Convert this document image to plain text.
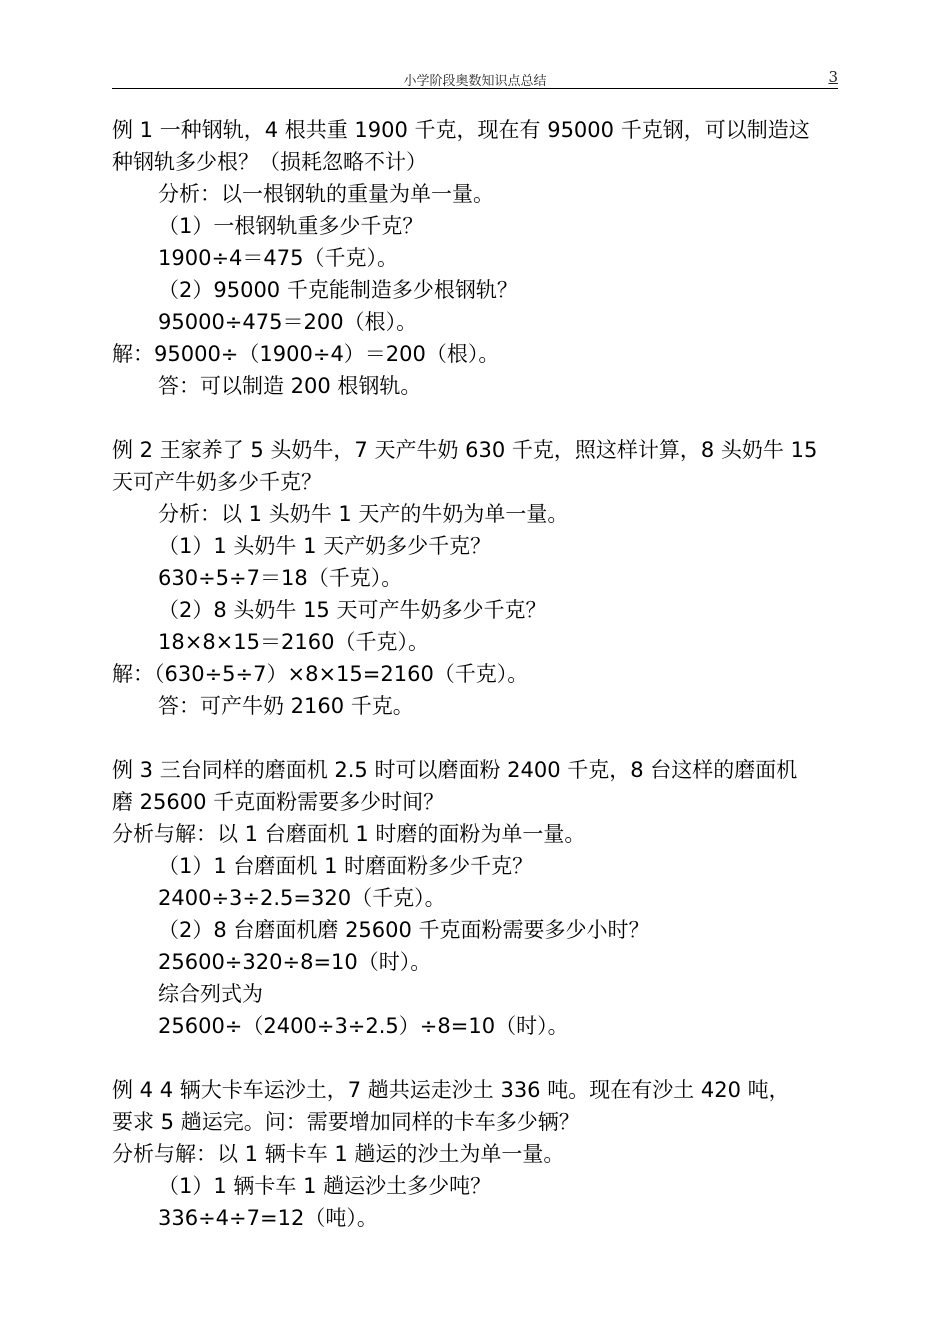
小学阶段奥数知识点总结	3
例 1 一种钢轨，4 根共重 1900 千克，现在有 95000 千克钢，可以制造这
种钢轨多少根？（损耗忽略不计）
分析：以一根钢轨的重量为单一量。
（1）一根钢轨重多少千克？
1900÷4＝475（千克）。
（2）95000 千克能制造多少根钢轨？
95000÷475＝200（根）。
解：95000÷（1900÷4）＝200（根）。
答：可以制造 200 根钢轨。
例 2 王家养了 5 头奶牛，7 天产牛奶 630 千克，照这样计算，8 头奶牛 15
天可产牛奶多少千克？
分析：以 1 头奶牛 1 天产的牛奶为单一量。
（1）1 头奶牛 1 天产奶多少千克？
630÷5÷7＝18（千克）。
（2）8 头奶牛 15 天可产牛奶多少千克？
18×8×15＝2160（千克）。
解：（630÷5÷7）×8×15=2160（千克）。
答：可产牛奶 2160 千克。
例 3 三台同样的磨面机 2.5 时可以磨面粉 2400 千克，8 台这样的磨面机
磨 25600 千克面粉需要多少时间？
分析与解：以 1 台磨面机 1 时磨的面粉为单一量。
（1）1 台磨面机 1 时磨面粉多少千克？
2400÷3÷2.5=320（千克）。
（2）8 台磨面机磨 25600 千克面粉需要多少小时？
25600÷320÷8=10（时）。
综合列式为
25600÷（2400÷3÷2.5）÷8=10（时）。
例 4 4 辆大卡车运沙土，7 趟共运走沙土 336 吨。现在有沙土 420 吨，
要求 5 趟运完。问：需要增加同样的卡车多少辆？
分析与解：以 1 辆卡车 1 趟运的沙土为单一量。
（1）1 辆卡车 1 趟运沙土多少吨？
336÷4÷7=12（吨）。
